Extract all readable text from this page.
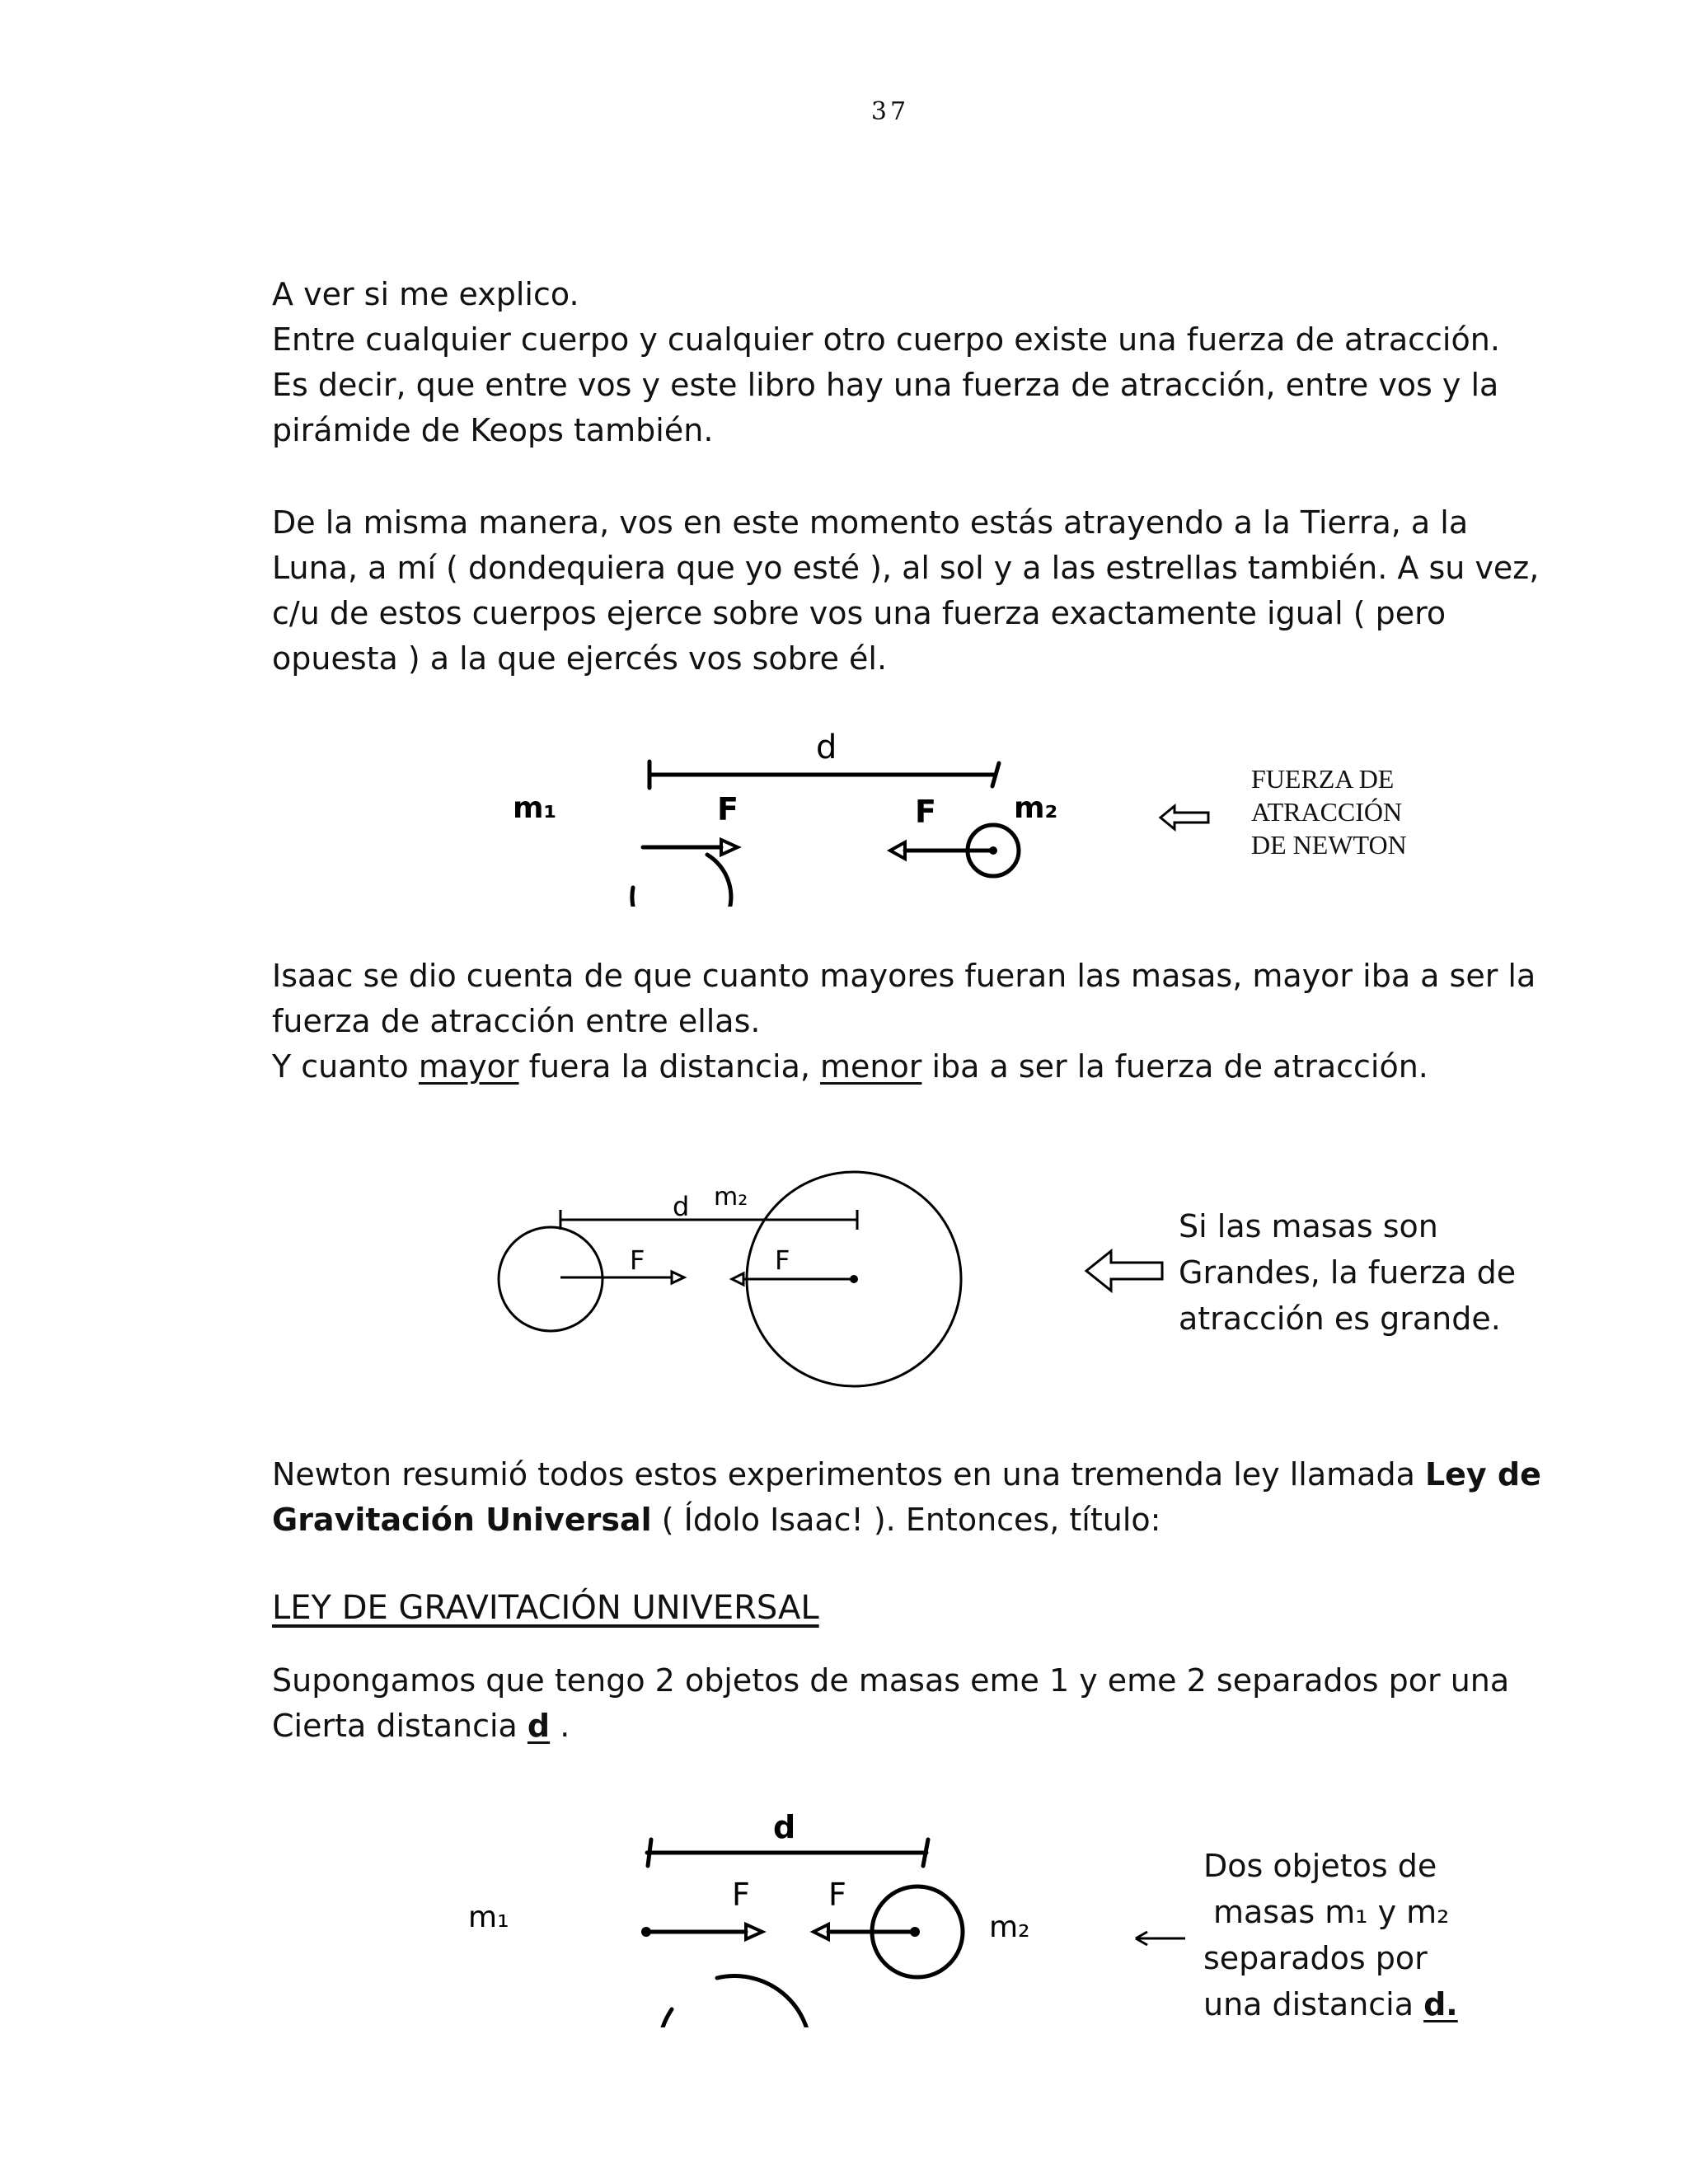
37

A ver si me explico.

Entre cualquier cuerpo y cualquier otro cuerpo existe una fuerza de atracción.

Es decir, que entre vos y este libro hay una fuerza de atracción, entre vos y la pirámide de Keops también.

De la misma manera, vos en este momento estás atrayendo a la Tierra, a la Luna, a mí ( dondequiera que yo esté ), al sol y a las estrellas también. A su vez, c/u de estos cuerpos ejerce sobre vos una fuerza exactamente igual ( pero opuesta ) a la que ejercés vos sobre él.

d
m₁	F	F	m₂
FUERZA DE
ATRACCIÓN
DE NEWTON

Isaac se dio cuenta de que cuanto mayores fueran las masas, mayor iba a ser la fuerza de atracción entre ellas.

Y cuanto mayor fuera la distancia, menor iba a ser la fuerza de atracción.

d m₂
F	F
Si las masas son
Grandes, la fuerza de
atracción es grande.

Newton resumió todos estos experimentos en una tremenda ley llamada Ley de Gravitación Universal ( Ídolo Isaac! ). Entonces, título:

LEY DE GRAVITACIÓN UNIVERSAL

Supongamos que tengo 2 objetos de masas eme 1 y eme 2 separados por una Cierta distancia d .

d
m₁
F	F
m₂
Dos objetos de
masas m₁ y m₂
separados por
una distancia d.
